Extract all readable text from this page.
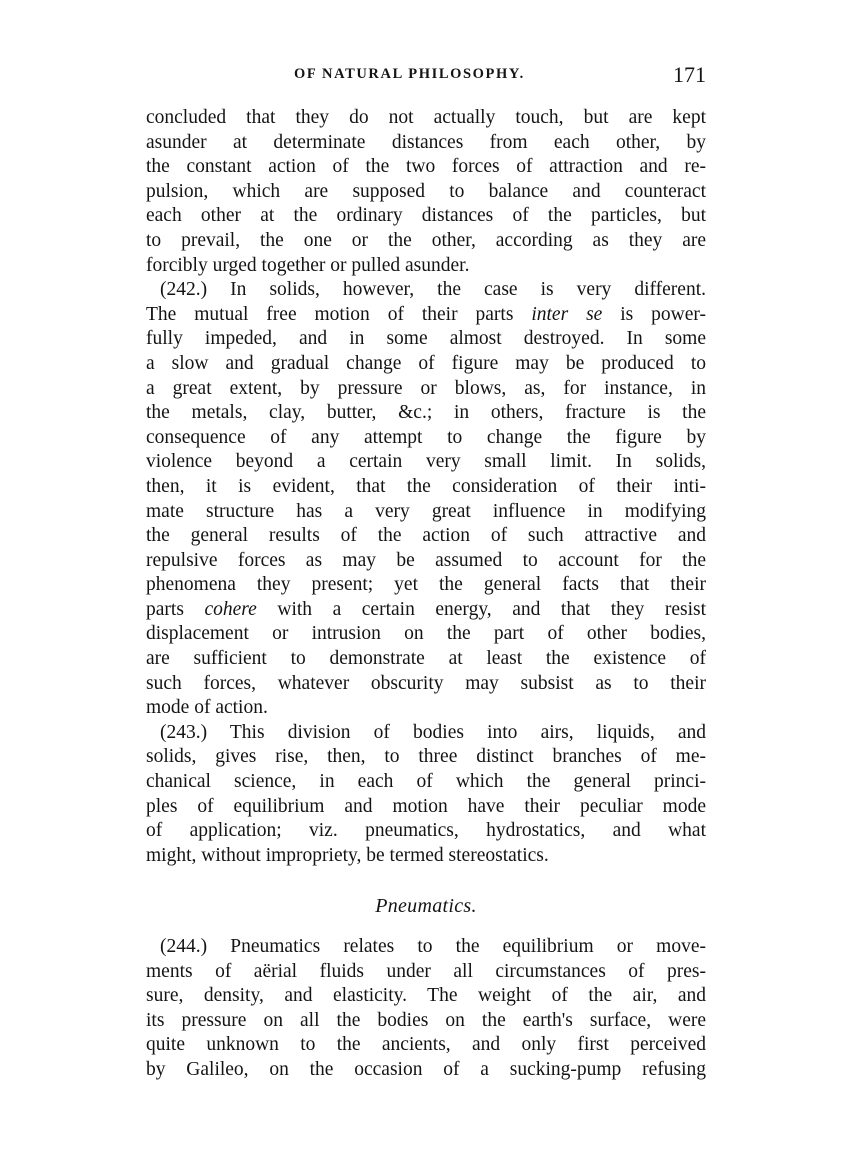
OF NATURAL PHILOSOPHY.	171
concluded that they do not actually touch, but are kept
asunder at determinate distances from each other, by
the constant action of the two forces of attraction and re-
pulsion, which are supposed to balance and counteract
each other at the ordinary distances of the particles, but
to prevail, the one or the other, according as they are
forcibly urged together or pulled asunder.
(242.) In solids, however, the case is very different.
The mutual free motion of their parts inter se is power-
fully impeded, and in some almost destroyed. In some
a slow and gradual change of figure may be produced to
a great extent, by pressure or blows, as, for instance, in
the metals, clay, butter, &c.; in others, fracture is the
consequence of any attempt to change the figure by
violence beyond a certain very small limit. In solids,
then, it is evident, that the consideration of their inti-
mate structure has a very great influence in modifying
the general results of the action of such attractive and
repulsive forces as may be assumed to account for the
phenomena they present; yet the general facts that their
parts cohere with a certain energy, and that they resist
displacement or intrusion on the part of other bodies,
are sufficient to demonstrate at least the existence of
such forces, whatever obscurity may subsist as to their
mode of action.
(243.) This division of bodies into airs, liquids, and
solids, gives rise, then, to three distinct branches of me-
chanical science, in each of which the general princi-
ples of equilibrium and motion have their peculiar mode
of application; viz. pneumatics, hydrostatics, and what
might, without impropriety, be termed stereostatics.
Pneumatics.
(244.) Pneumatics relates to the equilibrium or move-
ments of aërial fluids under all circumstances of pres-
sure, density, and elasticity. The weight of the air, and
its pressure on all the bodies on the earth's surface, were
quite unknown to the ancients, and only first perceived
by Galileo, on the occasion of a sucking-pump refusing
